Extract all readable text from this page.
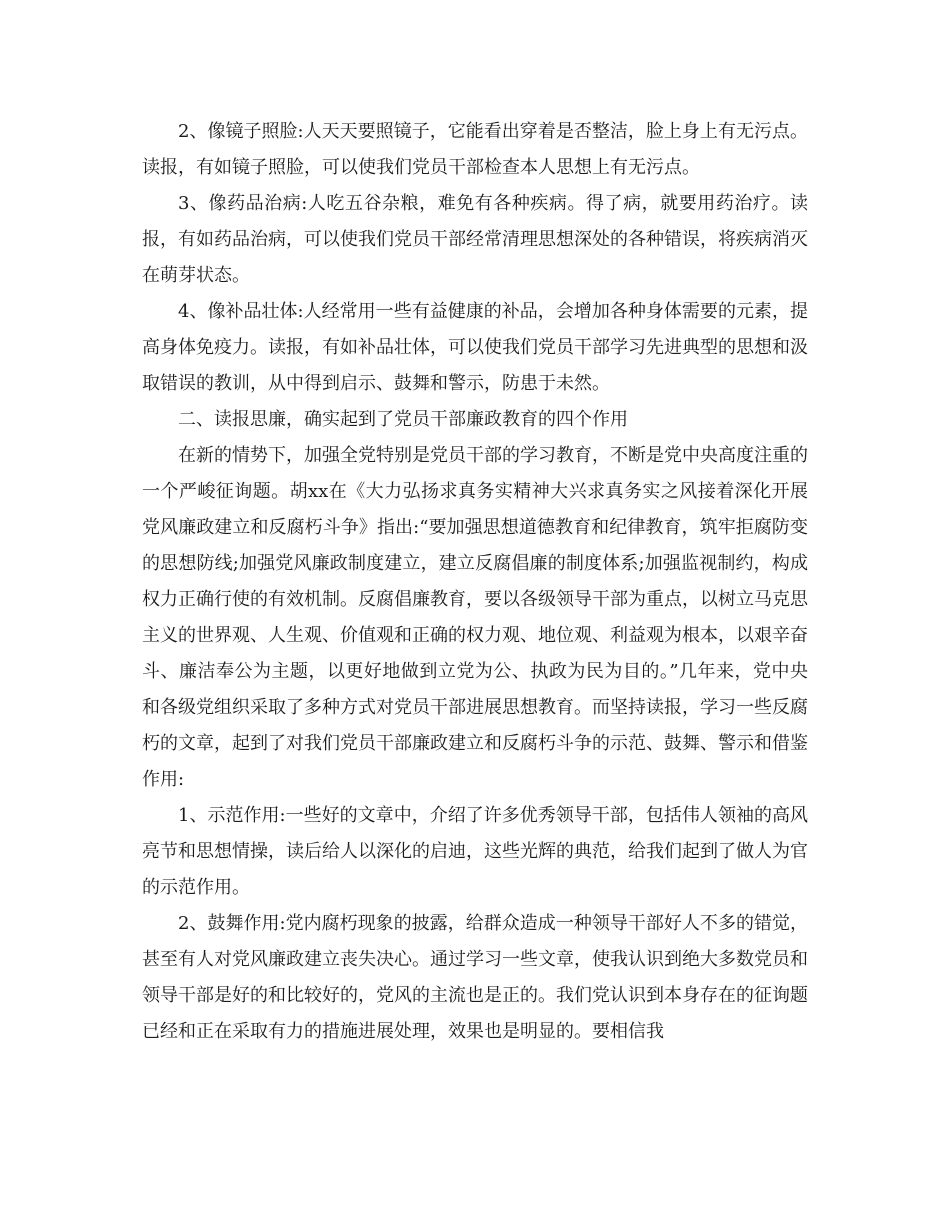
2、像镜子照脸:人天天要照镜子，它能看出穿着是否整洁，脸上身上有无污点。读报，有如镜子照脸，可以使我们党员干部检查本人思想上有无污点。

3、像药品治病:人吃五谷杂粮，难免有各种疾病。得了病，就要用药治疗。读报，有如药品治病，可以使我们党员干部经常清理思想深处的各种错误，将疾病消灭在萌芽状态。

4、像补品壮体:人经常用一些有益健康的补品，会增加各种身体需要的元素，提高身体免疫力。读报，有如补品壮体，可以使我们党员干部学习先进典型的思想和汲取错误的教训，从中得到启示、鼓舞和警示，防患于未然。

二、读报思廉，确实起到了党员干部廉政教育的四个作用

在新的情势下，加强全党特别是党员干部的学习教育，不断是党中央高度注重的一个严峻征询题。胡xx在《大力弘扬求真务实精神大兴求真务实之风接着深化开展党风廉政建立和反腐朽斗争》指出:“要加强思想道德教育和纪律教育，筑牢拒腐防变的思想防线;加强党风廉政制度建立，建立反腐倡廉的制度体系;加强监视制约，构成权力正确行使的有效机制。反腐倡廉教育，要以各级领导干部为重点，以树立马克思主义的世界观、人生观、价值观和正确的权力观、地位观、利益观为根本，以艰辛奋斗、廉洁奉公为主题，以更好地做到立党为公、执政为民为目的。”几年来，党中央和各级党组织采取了多种方式对党员干部进展思想教育。而坚持读报，学习一些反腐朽的文章，起到了对我们党员干部廉政建立和反腐朽斗争的示范、鼓舞、警示和借鉴作用:

1、示范作用:一些好的文章中，介绍了许多优秀领导干部，包括伟人领袖的高风亮节和思想情操，读后给人以深化的启迪，这些光辉的典范，给我们起到了做人为官的示范作用。

2、鼓舞作用:党内腐朽现象的披露，给群众造成一种领导干部好人不多的错觉，甚至有人对党风廉政建立丧失决心。通过学习一些文章，使我认识到绝大多数党员和领导干部是好的和比较好的，党风的主流也是正的。我们党认识到本身存在的征询题已经和正在采取有力的措施进展处理，效果也是明显的。要相信我
